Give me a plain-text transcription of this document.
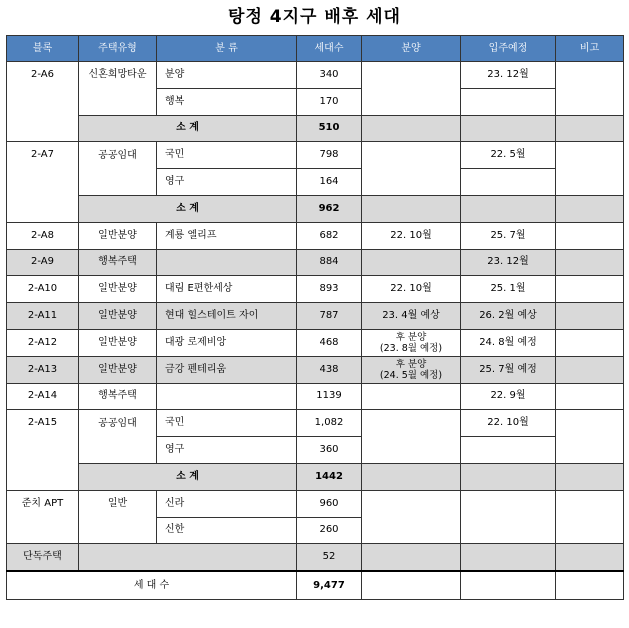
탕정 4지구 배후 세대
블록	주택유형	분 류	세대수	분양	입주예정	비고
2-A6	신혼희망타운	분양	340		23. 12월	
		행복	170			
	소 계		510			
2-A7	공공임대	국민	798		22. 5월	
		영구	164			
	소 계		962			
2-A8	일반분양	계룡 엘리프	682	22. 10월	25. 7월	
2-A9	행복주택		884		23. 12월	
2-A10	일반분양	대림 E편한세상	893	22. 10월	25. 1월	
2-A11	일반분양	현대 힐스테이트 자이	787	23. 4월 예상	26. 2월 예상	
2-A12	일반분양	대광 로제비앙	468	후 분양
(23. 8월 예정)	24. 8월 예정	
2-A13	일반분양	금강 펜테리움	438	후 분양
(24. 5월 예정)	25. 7월 예정	
2-A14	행복주택		1139		22. 9월	
2-A15	공공임대	국민	1,082		22. 10월	
		영구	360			
	소 계		1442			
준치 APT	일반	신라	960			
		신한	260			
단독주택			52			
세 대 수			9,477			
